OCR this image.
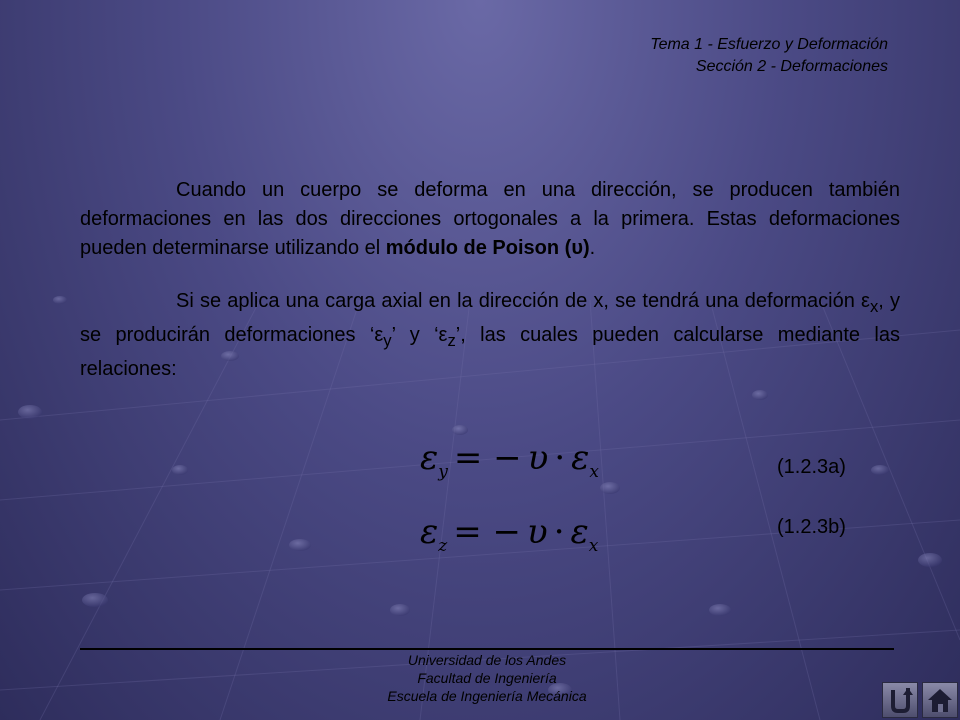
Tema 1 - Esfuerzo y Deformación
Sección 2 - Deformaciones

Cuando un cuerpo se deforma en una dirección, se producen también deformaciones en las dos direcciones ortogonales a la primera. Estas deformaciones pueden determinarse utilizando el módulo de Poison (υ).

Si se aplica una carga axial en la dirección de x, se tendrá una deformación $\varepsilon_x$, y se producirán deformaciones ‘$\varepsilon_y$’ y ‘$\varepsilon_z$’, las cuales pueden calcularse mediante las relaciones:

$\varepsilon_y$ = − $\upsilon \cdot \varepsilon_x$	(1.2.3a)
$\varepsilon_z$ = − $\upsilon \cdot \varepsilon_x$
(1.2.3b)
Universidad de los Andes
Facultad de Ingeniería
Escuela de Ingeniería Mecánica
